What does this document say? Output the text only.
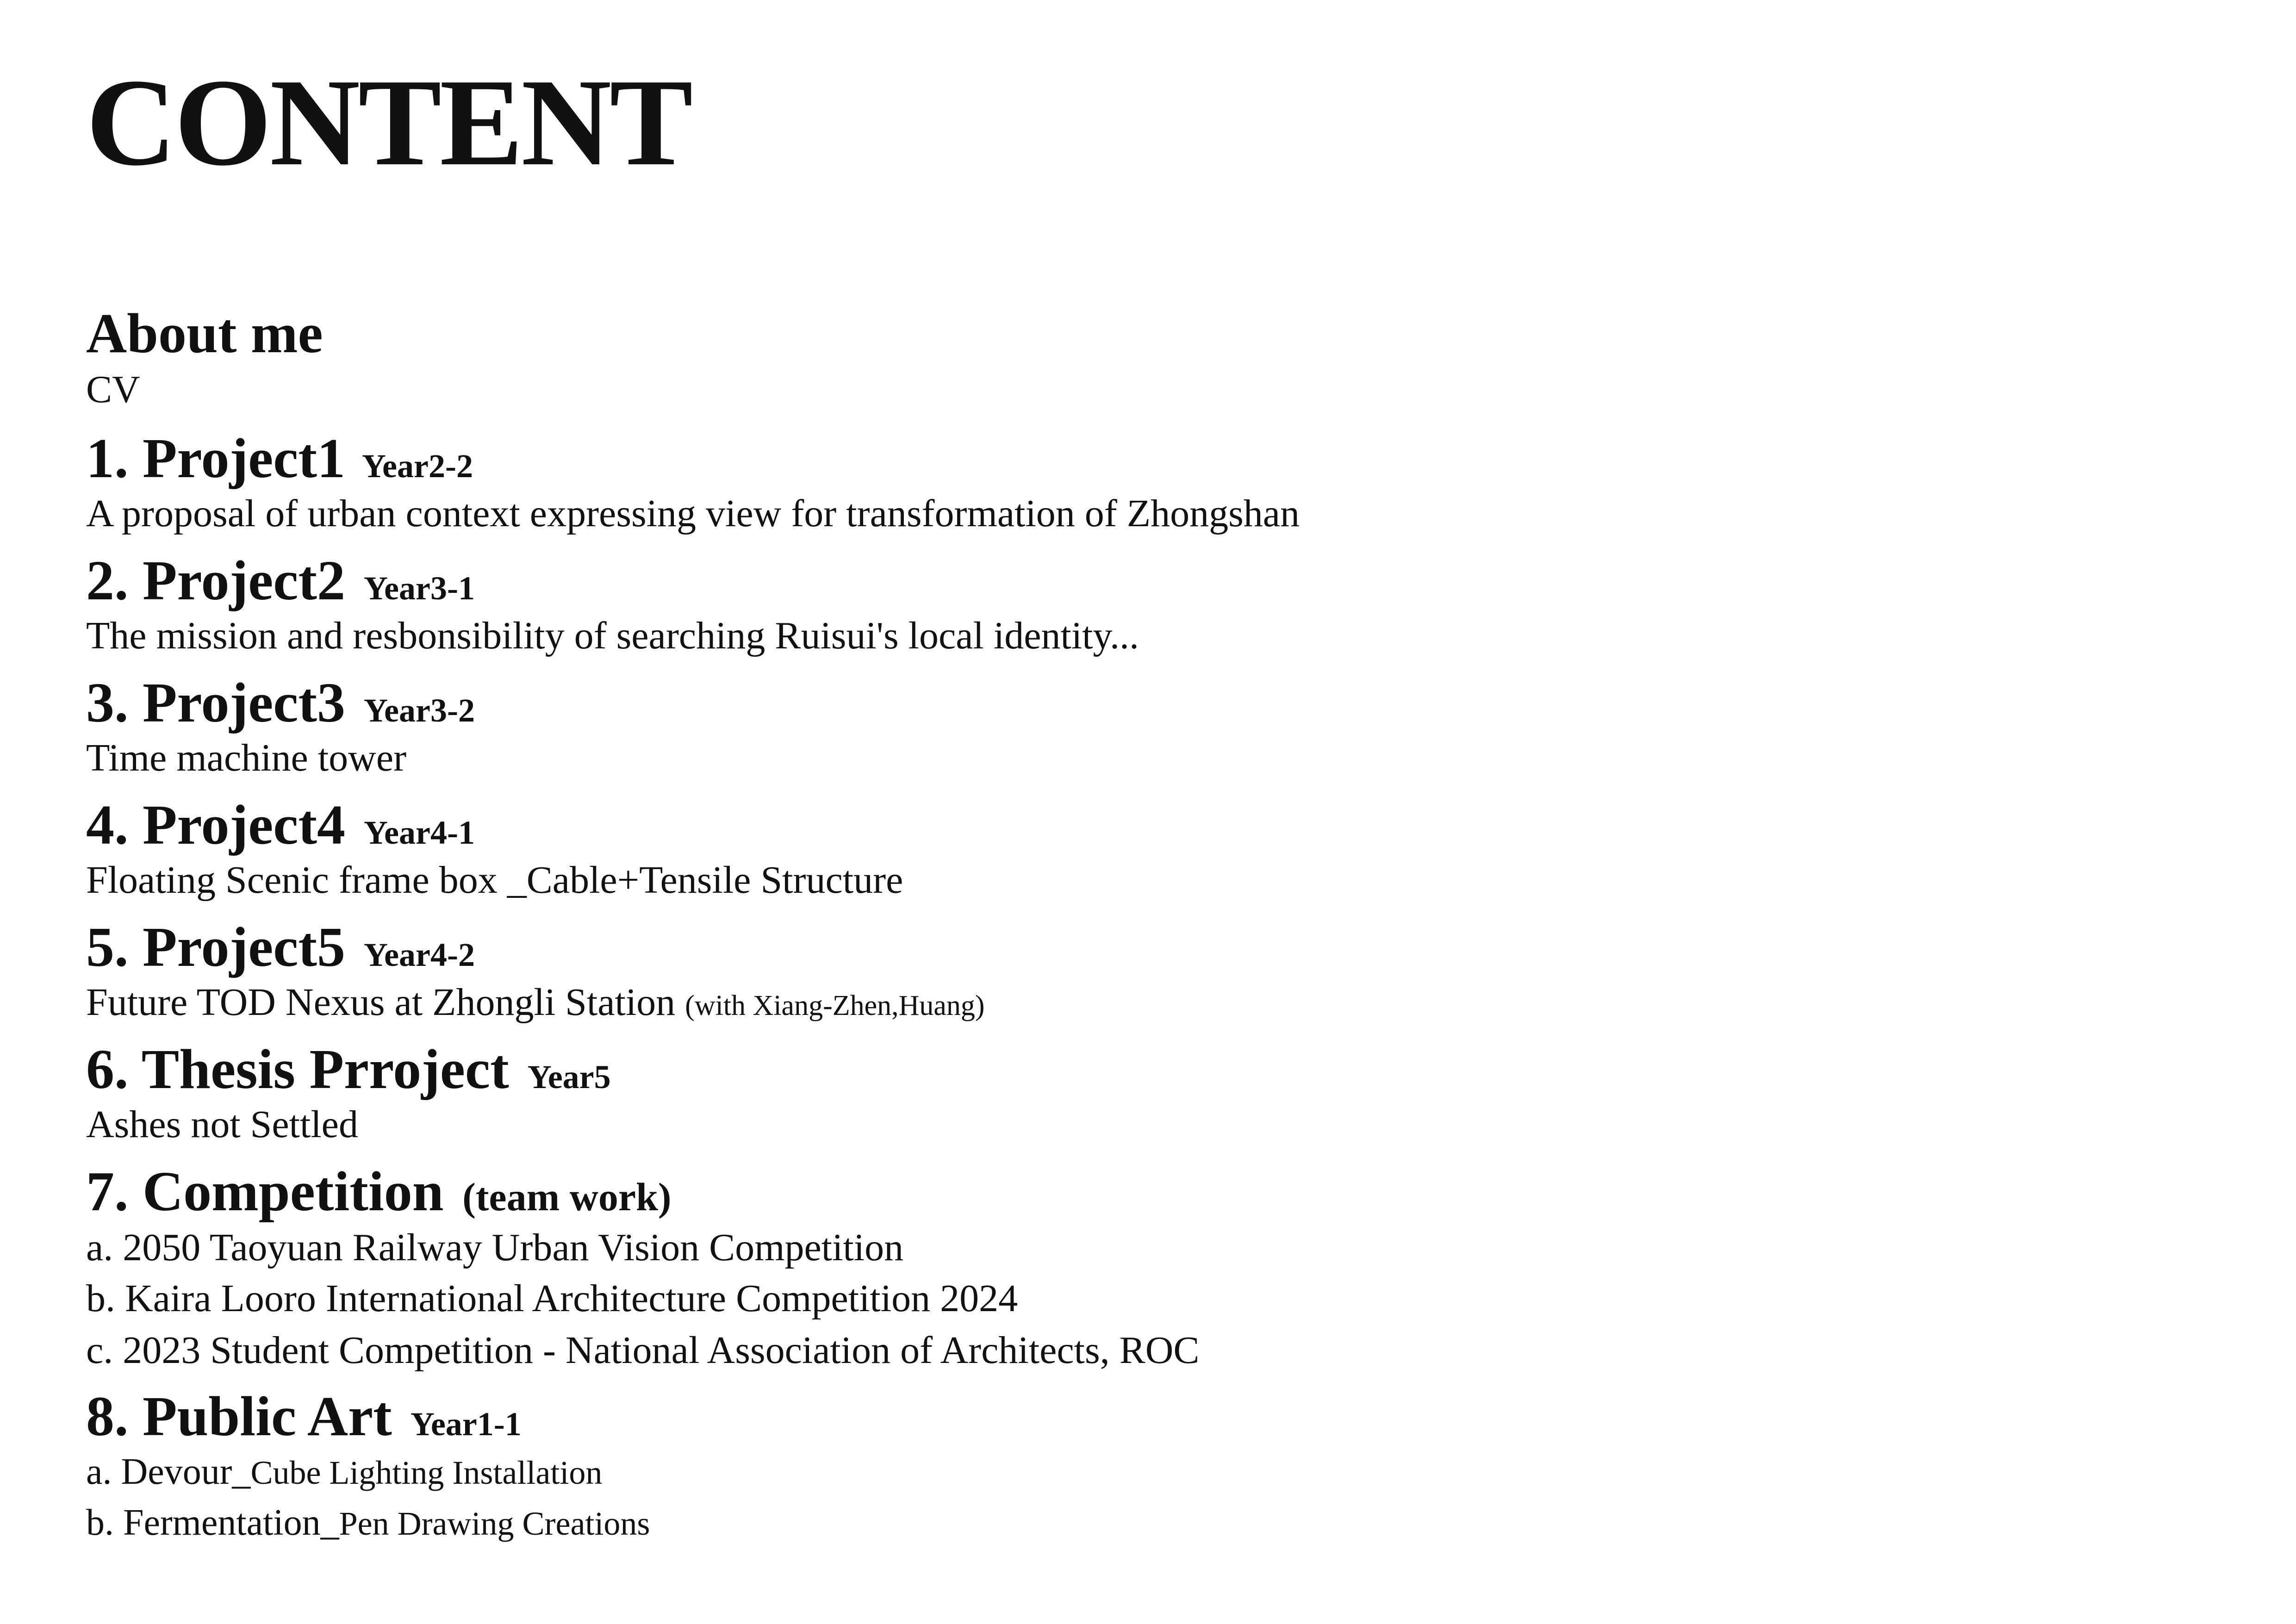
CONTENT
About me
CV
1. Project1 Year2-2
A proposal of urban context expressing view for transformation of Zhongshan
2. Project2 Year3-1
The mission and resbonsibility of searching Ruisui's local identity...
3. Project3 Year3-2
Time machine tower
4. Project4 Year4-1
Floating Scenic frame box _Cable+Tensile Structure
5. Project5 Year4-2
Future TOD Nexus at Zhongli Station (with Xiang-Zhen,Huang)
6. Thesis Prroject Year5
Ashes not Settled
7. Competition (team work)
a. 2050 Taoyuan Railway Urban Vision Competition
b. Kaira Looro International Architecture Competition 2024
c. 2023 Student Competition - National Association of Architects, ROC
8. Public Art Year1-1
a. Devour_Cube Lighting Installation
b. Fermentation_Pen Drawing Creations
